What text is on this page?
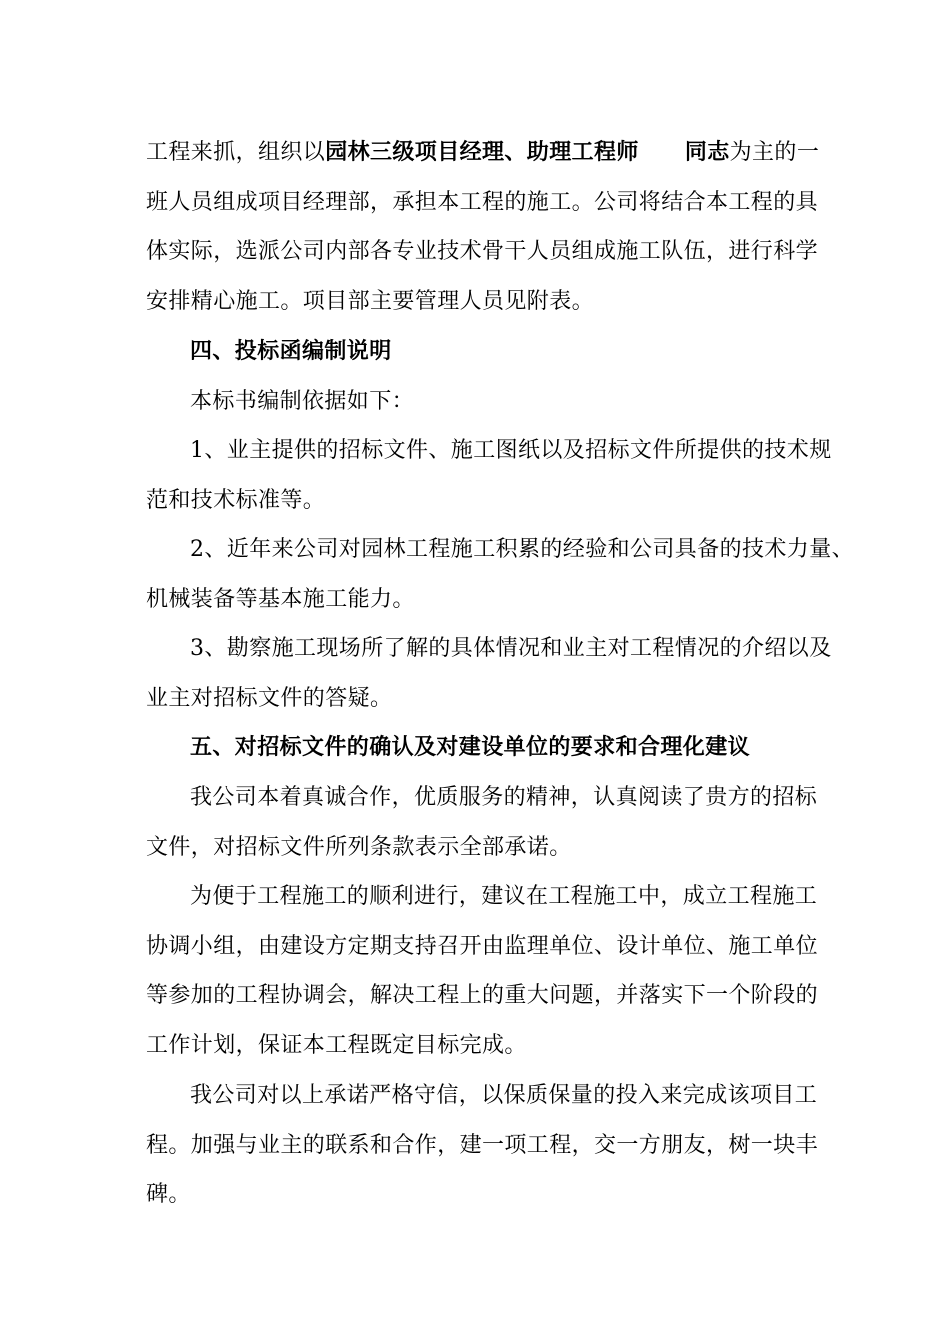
工程来抓，组织以园林三级项目经理、助理工程师 同志为主的一
班人员组成项目经理部，承担本工程的施工。公司将结合本工程的具
体实际，选派公司内部各专业技术骨干人员组成施工队伍，进行科学
安排精心施工。项目部主要管理人员见附表。
四、投标函编制说明
本标书编制依据如下：
1、业主提供的招标文件、施工图纸以及招标文件所提供的技术规
范和技术标准等。
2、近年来公司对园林工程施工积累的经验和公司具备的技术力量、
机械装备等基本施工能力。
3、勘察施工现场所了解的具体情况和业主对工程情况的介绍以及
业主对招标文件的答疑。
五、对招标文件的确认及对建设单位的要求和合理化建议
我公司本着真诚合作，优质服务的精神，认真阅读了贵方的招标
文件，对招标文件所列条款表示全部承诺。
为便于工程施工的顺利进行，建议在工程施工中，成立工程施工
协调小组，由建设方定期支持召开由监理单位、设计单位、施工单位
等参加的工程协调会，解决工程上的重大问题，并落实下一个阶段的
工作计划，保证本工程既定目标完成。
我公司对以上承诺严格守信，以保质保量的投入来完成该项目工
程。加强与业主的联系和合作，建一项工程，交一方朋友，树一块丰
碑。
